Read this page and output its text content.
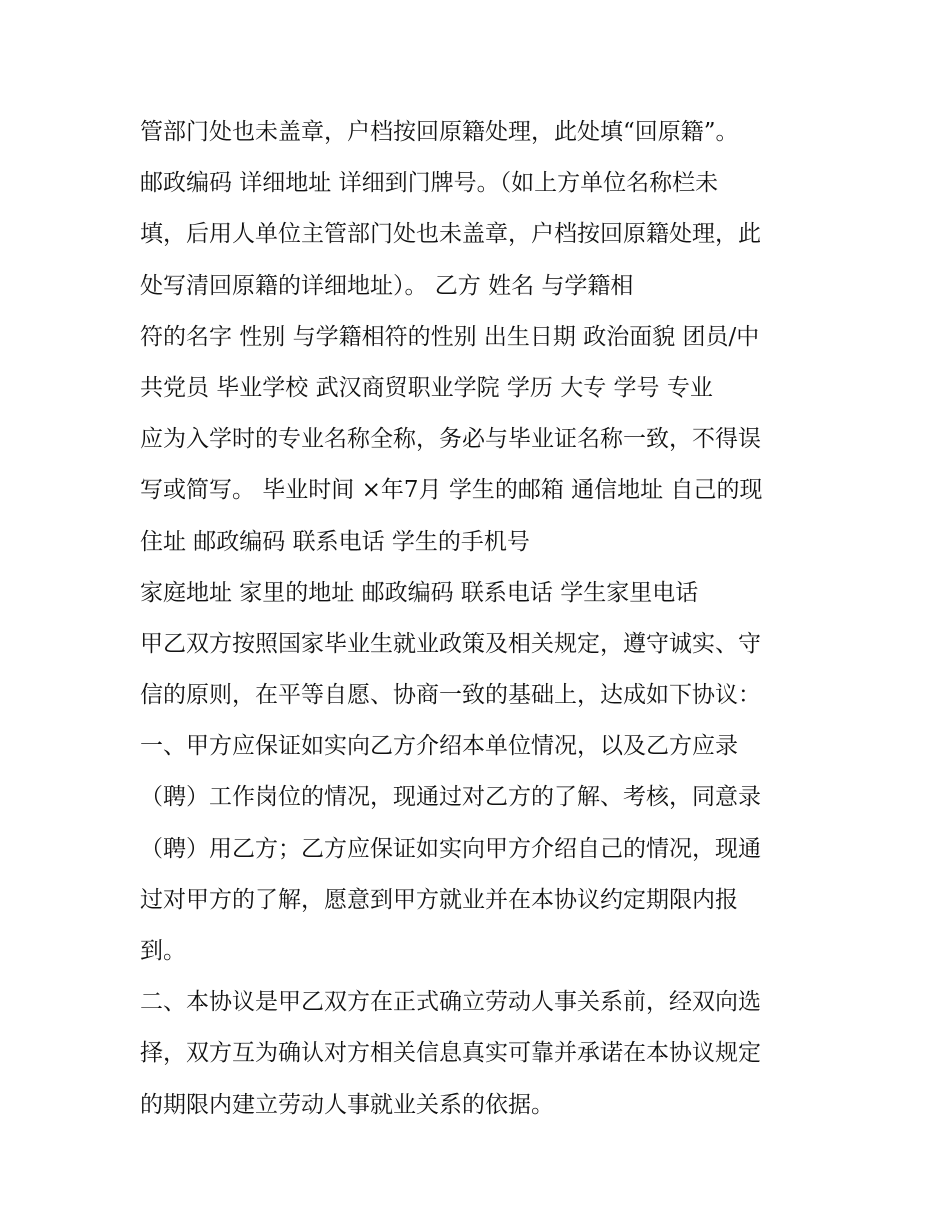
管部门处也未盖章，户档按回原籍处理，此处填“回原籍”。
邮政编码 详细地址 详细到门牌号。（如上方单位名称栏未
填，后用人单位主管部门处也未盖章，户档按回原籍处理，此
处写清回原籍的详细地址）。 乙方 姓名 与学籍相
符的名字 性别 与学籍相符的性别 出生日期 政治面貌 团员/中
共党员 毕业学校 武汉商贸职业学院 学历 大专 学号 专业
应为入学时的专业名称全称，务必与毕业证名称一致，不得误
写或简写。 毕业时间 ×年7月 学生的邮箱 通信地址 自己的现
住址 邮政编码 联系电话 学生的手机号
家庭地址 家里的地址 邮政编码 联系电话 学生家里电话
甲乙双方按照国家毕业生就业政策及相关规定，遵守诚实、守
信的原则，在平等自愿、协商一致的基础上，达成如下协议：
一、甲方应保证如实向乙方介绍本单位情况，以及乙方应录
（聘）工作岗位的情况，现通过对乙方的了解、考核，同意录
（聘）用乙方；乙方应保证如实向甲方介绍自己的情况，现通
过对甲方的了解，愿意到甲方就业并在本协议约定期限内报
到。
二、本协议是甲乙双方在正式确立劳动人事关系前，经双向选
择，双方互为确认对方相关信息真实可靠并承诺在本协议规定
的期限内建立劳动人事就业关系的依据。
